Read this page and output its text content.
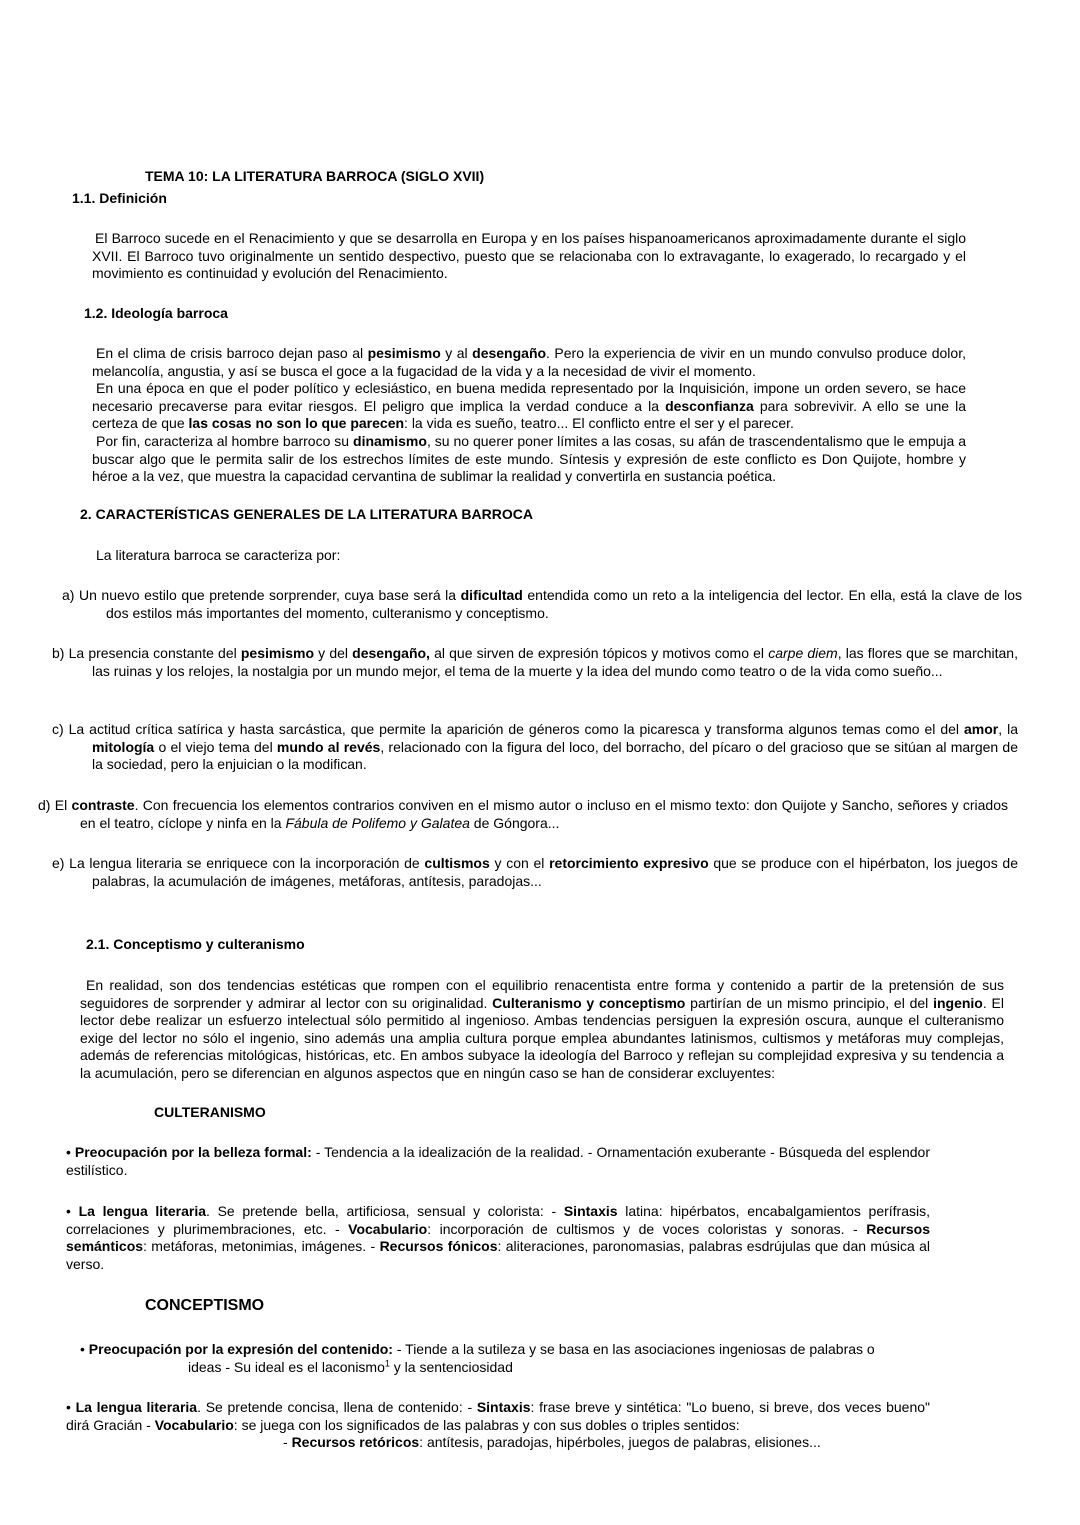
TEMA 10: LA LITERATURA BARROCA (SIGLO XVII)

1.1. Definición

El Barroco sucede en el Renacimiento y que se desarrolla en Europa y en los países hispanoamericanos aproximadamente durante el siglo XVII. El Barroco tuvo originalmente un sentido despectivo, puesto que se relacionaba con lo extravagante, lo exagerado, lo recargado y el movimiento es continuidad y evolución del Renacimiento.

1.2. Ideología barroca

En el clima de crisis barroco dejan paso al pesimismo y al desengaño. Pero la experiencia de vivir en un mundo convulso produce dolor, melancolía, angustia, y así se busca el goce a la fugacidad de la vida y a la necesidad de vivir el momento.

En una época en que el poder político y eclesiástico, en buena medida representado por la Inquisición, impone un orden severo, se hace necesario precaverse para evitar riesgos. El peligro que implica la verdad conduce a la desconfianza para sobrevivir. A ello se une la certeza de que las cosas no son lo que parecen: la vida es sueño, teatro... El conflicto entre el ser y el parecer.

Por fin, caracteriza al hombre barroco su dinamismo, su no querer poner límites a las cosas, su afán de trascendentalismo que le empuja a buscar algo que le permita salir de los estrechos límites de este mundo. Síntesis y expresión de este conflicto es Don Quijote, hombre y héroe a la vez, que muestra la capacidad cervantina de sublimar la realidad y convertirla en sustancia poética.

2. CARACTERÍSTICAS GENERALES DE LA LITERATURA BARROCA

La literatura barroca se caracteriza por:

a) Un nuevo estilo que pretende sorprender, cuya base será la dificultad entendida como un reto a la inteligencia del lector. En ella, está la clave de los dos estilos más importantes del momento, culteranismo y conceptismo.

b) La presencia constante del pesimismo y del desengaño, al que sirven de expresión tópicos y motivos como el carpe diem, las flores que se marchitan, las ruinas y los relojes, la nostalgia por un mundo mejor, el tema de la muerte y la idea del mundo como teatro o de la vida como sueño...

c) La actitud crítica satírica y hasta sarcástica, que permite la aparición de géneros como la picaresca y transforma algunos temas como el del amor, la mitología o el viejo tema del mundo al revés, relacionado con la figura del loco, del borracho, del pícaro o del gracioso que se sitúan al margen de la sociedad, pero la enjuician o la modifican.

d) El contraste. Con frecuencia los elementos contrarios conviven en el mismo autor o incluso en el mismo texto: don Quijote y Sancho, señores y criados en el teatro, cíclope y ninfa en la Fábula de Polifemo y Galatea de Góngora...

e) La lengua literaria se enriquece con la incorporación de cultismos y con el retorcimiento expresivo que se produce con el hipérbaton, los juegos de palabras, la acumulación de imágenes, metáforas, antítesis, paradojas...

2.1. Conceptismo y culteranismo

En realidad, son dos tendencias estéticas que rompen con el equilibrio renacentista entre forma y contenido a partir de la pretensión de sus seguidores de sorprender y admirar al lector con su originalidad. Culteranismo y conceptismo partirían de un mismo principio, el del ingenio. El lector debe realizar un esfuerzo intelectual sólo permitido al ingenioso. Ambas tendencias persiguen la expresión oscura, aunque el culteranismo exige del lector no sólo el ingenio, sino además una amplia cultura porque emplea abundantes latinismos, cultismos y metáforas muy complejas, además de referencias mitológicas, históricas, etc. En ambos subyace la ideología del Barroco y reflejan su complejidad expresiva y su tendencia a la acumulación, pero se diferencian en algunos aspectos que en ningún caso se han de considerar excluyentes:

CULTERANISMO

• Preocupación por la belleza formal: - Tendencia a la idealización de la realidad. - Ornamentación exuberante - Búsqueda del esplendor estilístico.

• La lengua literaria. Se pretende bella, artificiosa, sensual y colorista: - Sintaxis latina: hipérbatos, encabalgamientos perífrasis, correlaciones y plurimembraciones, etc. - Vocabulario: incorporación de cultismos y de voces coloristas y sonoras. - Recursos semánticos: metáforas, metonimias, imágenes. - Recursos fónicos: aliteraciones, paronomasias, palabras esdrújulas que dan música al verso.

CONCEPTISMO

• Preocupación por la expresión del contenido: - Tiende a la sutileza y se basa en las asociaciones ingeniosas de palabras o

ideas - Su ideal es el laconismo$^1$ y la sentenciosidad

• La lengua literaria. Se pretende concisa, llena de contenido: - Sintaxis: frase breve y sintética: "Lo bueno, si breve, dos veces bueno" dirá Gracián - Vocabulario: se juega con los significados de las palabras y con sus dobles o triples sentidos:

- Recursos retóricos: antítesis, paradojas, hipérboles, juegos de palabras, elisiones...
